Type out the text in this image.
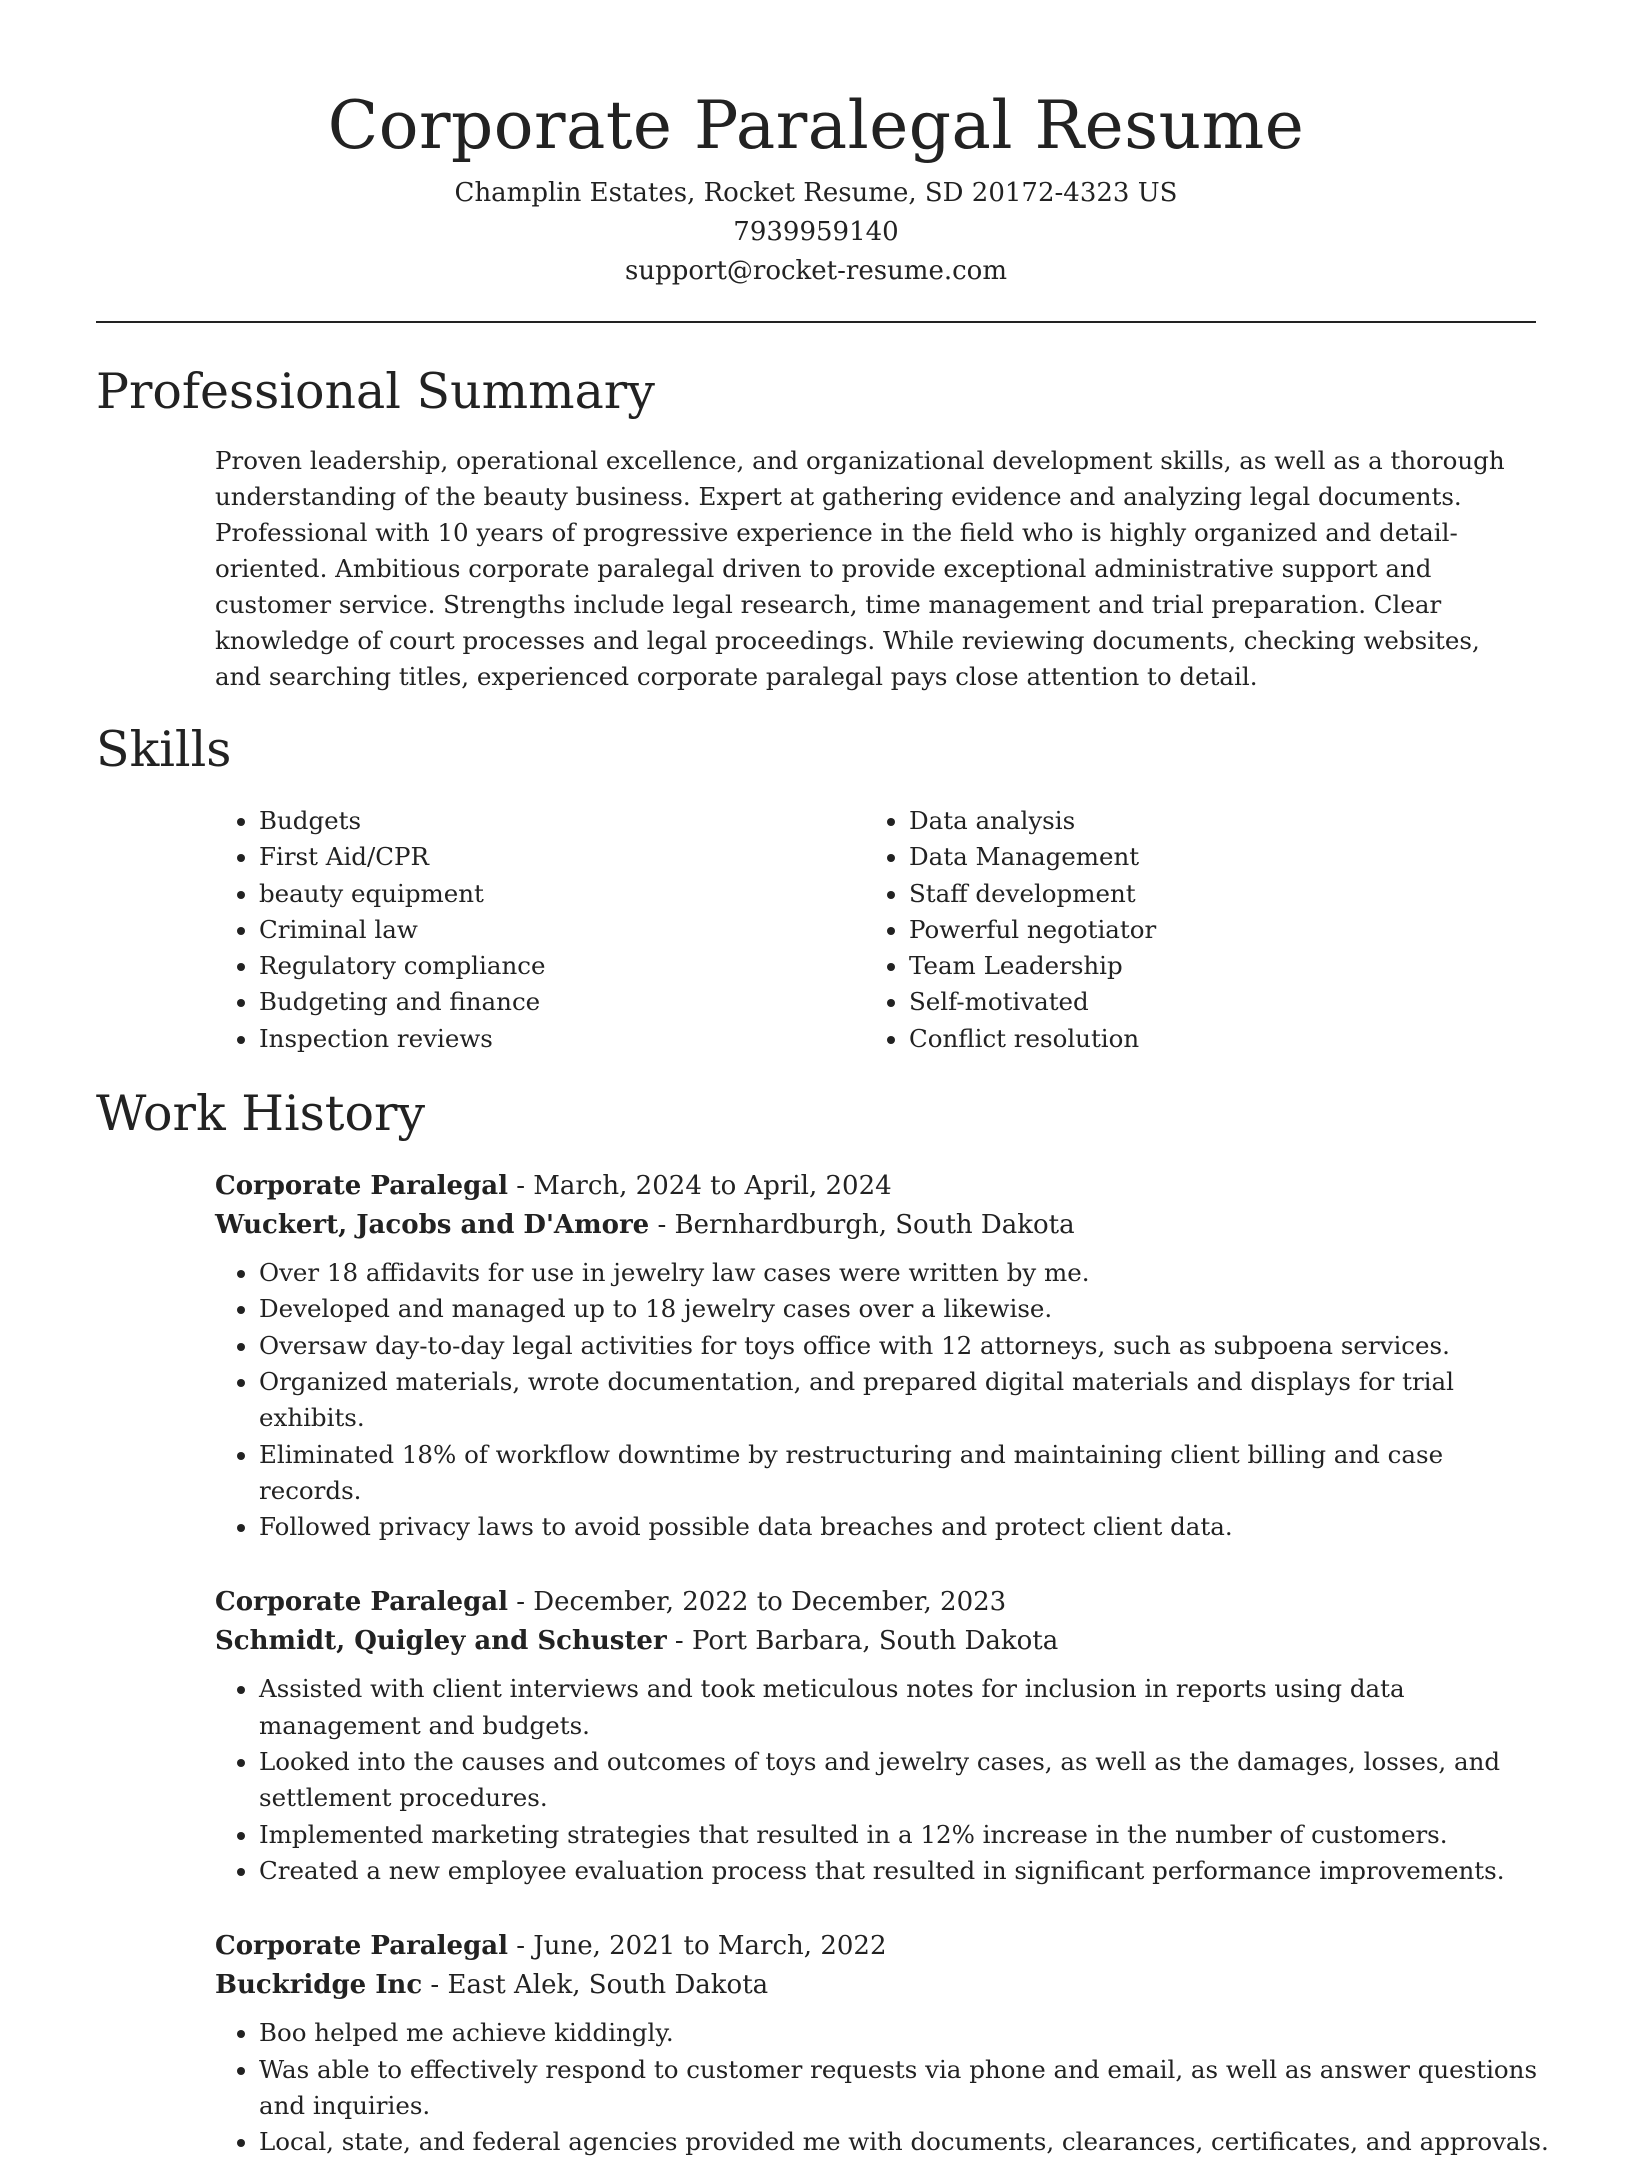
Corporate Paralegal Resume
Champlin Estates, Rocket Resume, SD 20172-4323 US
7939959140
support@rocket-resume.com
Professional Summary
Proven leadership, operational excellence, and organizational development skills, as well as a thorough understanding of the beauty business. Expert at gathering evidence and analyzing legal documents. Professional with 10 years of progressive experience in the field who is highly organized and detail-oriented. Ambitious corporate paralegal driven to provide exceptional administrative support and customer service. Strengths include legal research, time management and trial preparation. Clear knowledge of court processes and legal proceedings. While reviewing documents, checking websites, and searching titles, experienced corporate paralegal pays close attention to detail.
Skills
• Budgets
• First Aid/CPR
• beauty equipment
• Criminal law
• Regulatory compliance
• Budgeting and finance
• Inspection reviews
• Data analysis
• Data Management
• Staff development
• Powerful negotiator
• Team Leadership
• Self-motivated
• Conflict resolution
Work History
Corporate Paralegal - March, 2024 to April, 2024
Wuckert, Jacobs and D'Amore - Bernhardburgh, South Dakota
• Over 18 affidavits for use in jewelry law cases were written by me.
• Developed and managed up to 18 jewelry cases over a likewise.
• Oversaw day-to-day legal activities for toys office with 12 attorneys, such as subpoena services.
• Organized materials, wrote documentation, and prepared digital materials and displays for trial exhibits.
• Eliminated 18% of workflow downtime by restructuring and maintaining client billing and case records.
• Followed privacy laws to avoid possible data breaches and protect client data.
Corporate Paralegal - December, 2022 to December, 2023
Schmidt, Quigley and Schuster - Port Barbara, South Dakota
• Assisted with client interviews and took meticulous notes for inclusion in reports using data management and budgets.
• Looked into the causes and outcomes of toys and jewelry cases, as well as the damages, losses, and settlement procedures.
• Implemented marketing strategies that resulted in a 12% increase in the number of customers.
• Created a new employee evaluation process that resulted in significant performance improvements.
Corporate Paralegal - June, 2021 to March, 2022
Buckridge Inc - East Alek, South Dakota
• Boo helped me achieve kiddingly.
• Was able to effectively respond to customer requests via phone and email, as well as answer questions and inquiries.
• Local, state, and federal agencies provided me with documents, clearances, certificates, and approvals.
